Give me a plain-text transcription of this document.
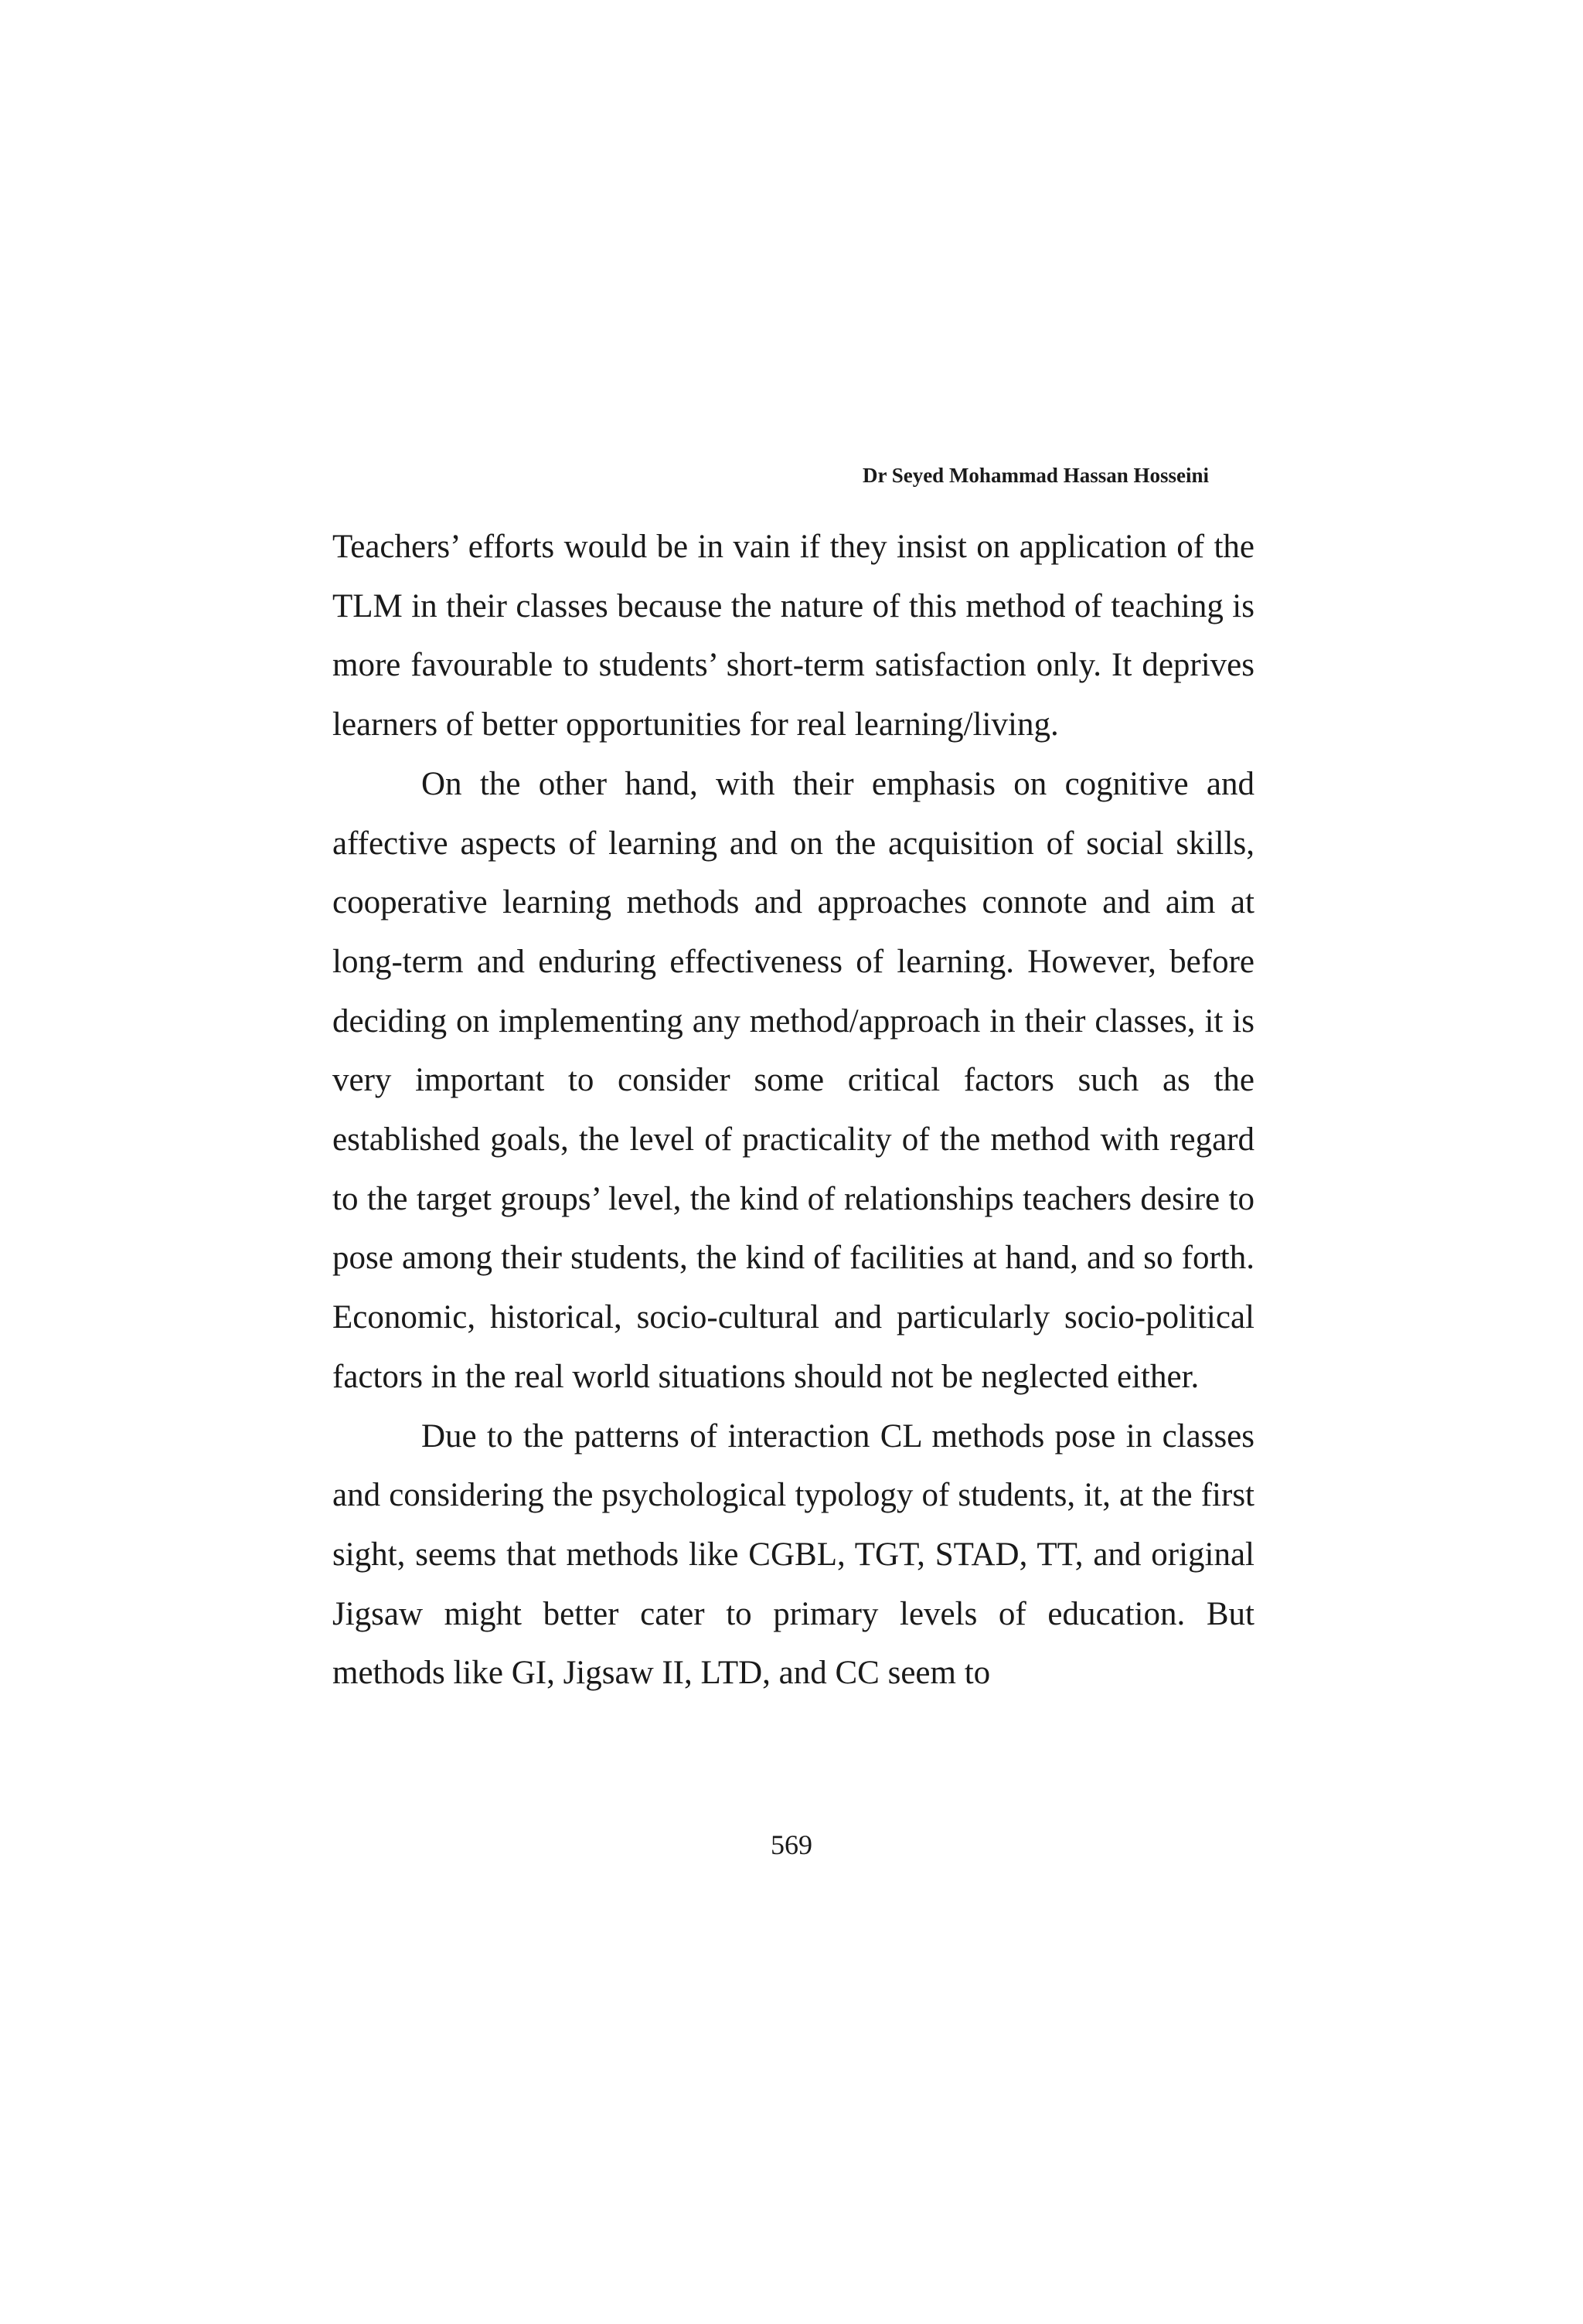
Dr Seyed Mohammad Hassan Hosseini

Teachers’ efforts would be in vain if they insist on application of the TLM in their classes because the nature of this method of teaching is more favourable to students’ short-term satisfaction only. It deprives learners of better opportunities for real learning/living.

On the other hand, with their emphasis on cognitive and affective aspects of learning and on the acquisition of social skills, cooperative learning methods and approaches connote and aim at long-term and enduring effectiveness of learning. However, before deciding on implementing any method/approach in their classes, it is very important to consider some critical factors such as the established goals, the level of practicality of the method with regard to the target groups’ level, the kind of relationships teachers desire to pose among their students, the kind of facilities at hand, and so forth. Economic, historical, socio-cultural and particularly socio-political factors in the real world situations should not be neglected either.

Due to the patterns of interaction CL methods pose in classes and considering the psychological typology of students, it, at the first sight, seems that methods like CGBL, TGT, STAD, TT, and original Jigsaw might better cater to primary levels of education. But methods like GI, Jigsaw II, LTD, and CC seem to

569
